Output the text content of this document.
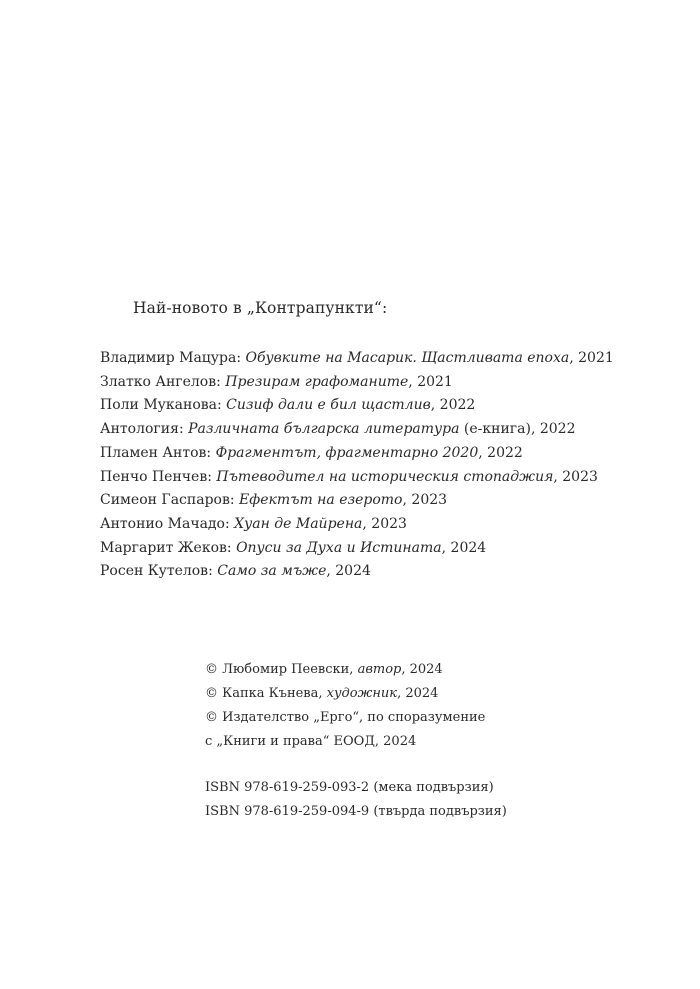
Най-новото в „Контрапункти“:
Владимир Мацура: Обувките на Масарик. Щастливата епоха, 2021
Златко Ангелов: Презирам графоманите, 2021
Поли Муканова: Сизиф дали е бил щастлив, 2022
Антология: Различната българска литература (е-книга), 2022
Пламен Антов: Фрагментът, фрагментарно 2020, 2022
Пенчо Пенчев: Пътеводител на историческия стопаджия, 2023
Симеон Гаспаров: Ефектът на езерото, 2023
Антонио Мачадо: Хуан де Майрена, 2023
Маргарит Жеков: Опуси за Духа и Истината, 2024
Росен Кутелов: Само за мъже, 2024
© Любомир Пеевски, автор, 2024
© Капка Кънева, художник, 2024
© Издателство „Ерго“, по споразумение
с „Книги и права“ ЕООД, 2024
ISBN 978-619-259-093-2 (мека подвързия)
ISBN 978-619-259-094-9 (твърда подвързия)
